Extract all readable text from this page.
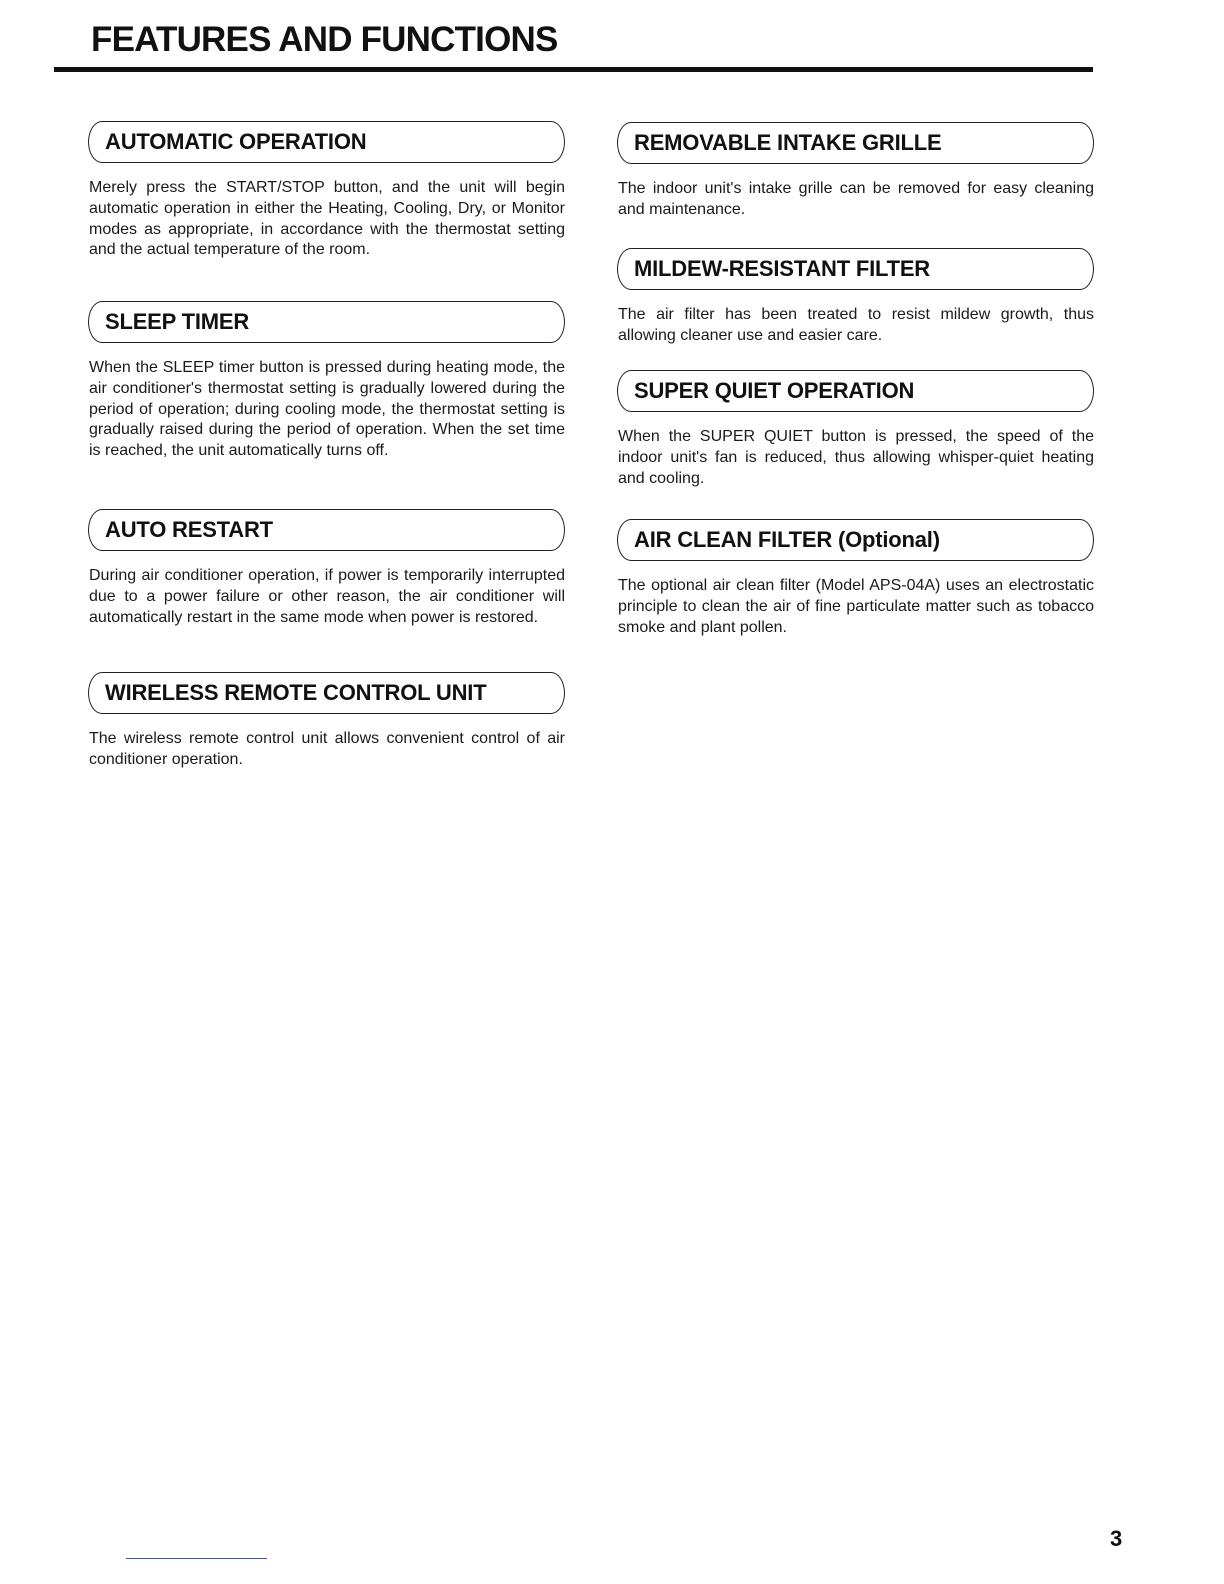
FEATURES AND FUNCTIONS
AUTOMATIC OPERATION

Merely press the START/STOP button, and the unit will begin automatic operation in either the Heating, Cooling, Dry, or Monitor modes as appropriate, in accordance with the thermostat setting and the actual temperature of the room.

SLEEP TIMER

When the SLEEP timer button is pressed during heating mode, the air conditioner's thermostat setting is gradually lowered during the period of operation; during cooling mode, the thermostat setting is gradually raised during the period of operation. When the set time is reached, the unit automatically turns off.

AUTO RESTART

During air conditioner operation, if power is temporarily interrupted due to a power failure or other reason, the air conditioner will automatically restart in the same mode when power is restored.

WIRELESS REMOTE CONTROL UNIT

The wireless remote control unit allows convenient control of air conditioner operation.

REMOVABLE INTAKE GRILLE

The indoor unit's intake grille can be removed for easy cleaning and maintenance.

MILDEW-RESISTANT FILTER

The air filter has been treated to resist mildew growth, thus allowing cleaner use and easier care.

SUPER QUIET OPERATION

When the SUPER QUIET button is pressed, the speed of the indoor unit's fan is reduced, thus allowing whisper-quiet heating and cooling.

AIR CLEAN FILTER (Optional)

The optional air clean filter (Model APS-04A) uses an electrostatic principle to clean the air of fine particulate matter such as tobacco smoke and plant pollen.

3
